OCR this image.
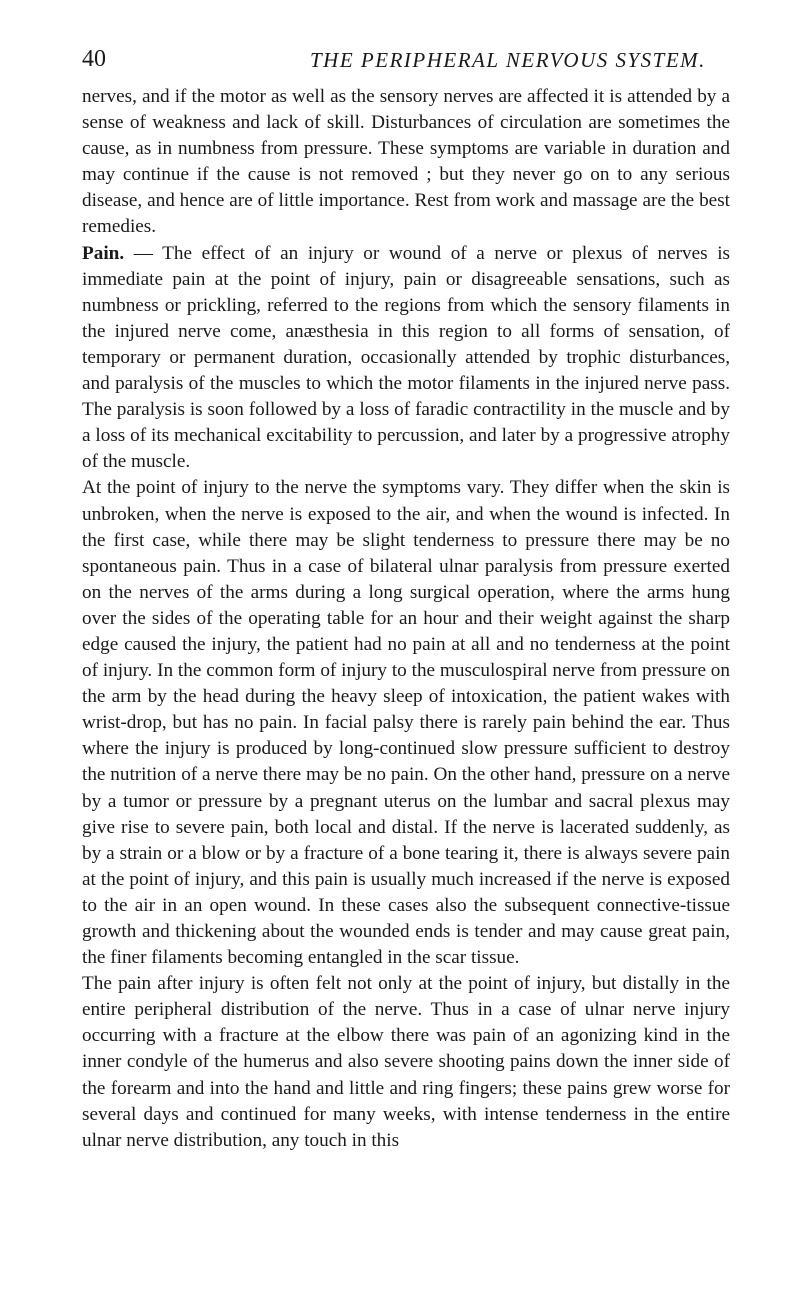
40	THE PERIPHERAL NERVOUS SYSTEM.

nerves, and if the motor as well as the sensory nerves are affected it is attended by a sense of weakness and lack of skill. Disturbances of circulation are sometimes the cause, as in numbness from pressure. These symptoms are variable in duration and may continue if the cause is not removed ; but they never go on to any serious disease, and hence are of little importance. Rest from work and massage are the best remedies.

Pain. — The effect of an injury or wound of a nerve or plexus of nerves is immediate pain at the point of injury, pain or disagreeable sensations, such as numbness or prickling, referred to the regions from which the sensory filaments in the injured nerve come, anæsthesia in this region to all forms of sensation, of temporary or permanent duration, occasionally attended by trophic disturbances, and paralysis of the muscles to which the motor filaments in the injured nerve pass. The paralysis is soon followed by a loss of faradic contractility in the muscle and by a loss of its mechanical excitability to percussion, and later by a progressive atrophy of the muscle.

At the point of injury to the nerve the symptoms vary. They differ when the skin is unbroken, when the nerve is exposed to the air, and when the wound is infected. In the first case, while there may be slight tenderness to pressure there may be no spontaneous pain. Thus in a case of bilateral ulnar paralysis from pressure exerted on the nerves of the arms during a long surgical operation, where the arms hung over the sides of the operating table for an hour and their weight against the sharp edge caused the injury, the patient had no pain at all and no tenderness at the point of injury. In the common form of injury to the musculospiral nerve from pressure on the arm by the head during the heavy sleep of intoxication, the patient wakes with wrist-drop, but has no pain. In facial palsy there is rarely pain behind the ear. Thus where the injury is produced by long-continued slow pressure sufficient to destroy the nutrition of a nerve there may be no pain. On the other hand, pressure on a nerve by a tumor or pressure by a pregnant uterus on the lumbar and sacral plexus may give rise to severe pain, both local and distal. If the nerve is lacerated suddenly, as by a strain or a blow or by a fracture of a bone tearing it, there is always severe pain at the point of injury, and this pain is usually much increased if the nerve is exposed to the air in an open wound. In these cases also the subsequent connective-tissue growth and thickening about the wounded ends is tender and may cause great pain, the finer filaments becoming entangled in the scar tissue.

The pain after injury is often felt not only at the point of injury, but distally in the entire peripheral distribution of the nerve. Thus in a case of ulnar nerve injury occurring with a fracture at the elbow there was pain of an agonizing kind in the inner condyle of the humerus and also severe shooting pains down the inner side of the forearm and into the hand and little and ring fingers; these pains grew worse for several days and continued for many weeks, with intense tenderness in the entire ulnar nerve distribution, any touch in this
